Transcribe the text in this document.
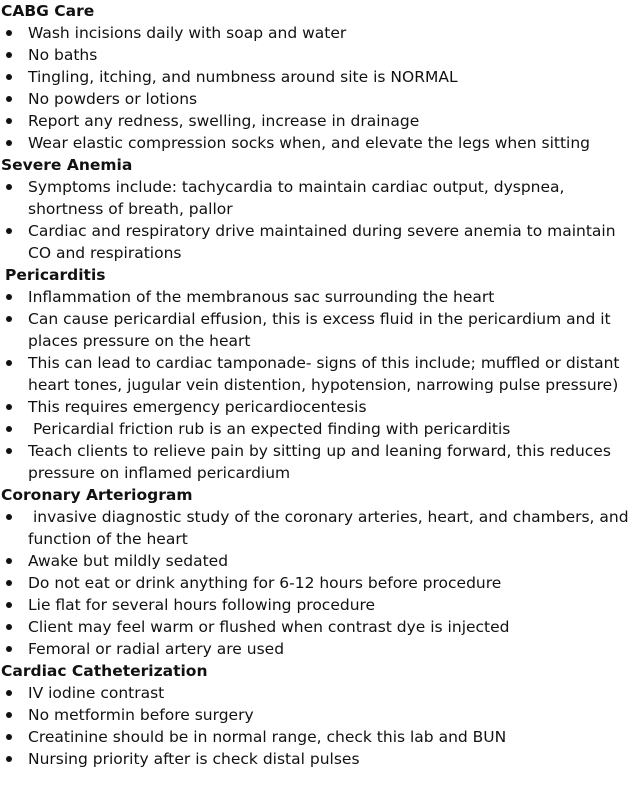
CABG Care
Wash incisions daily with soap and water
No baths
Tingling, itching, and numbness around site is NORMAL
No powders or lotions
Report any redness, swelling, increase in drainage
Wear elastic compression socks when, and elevate the legs when sitting
Severe Anemia
Symptoms include: tachycardia to maintain cardiac output, dyspnea, shortness of breath, pallor
Cardiac and respiratory drive maintained during severe anemia to maintain CO and respirations
Pericarditis
Inflammation of the membranous sac surrounding the heart
Can cause pericardial effusion, this is excess fluid in the pericardium and it places pressure on the heart
This can lead to cardiac tamponade- signs of this include; muffled or distant heart tones, jugular vein distention, hypotension, narrowing pulse pressure)
This requires emergency pericardiocentesis
Pericardial friction rub is an expected finding with pericarditis
Teach clients to relieve pain by sitting up and leaning forward, this reduces pressure on inflamed pericardium
Coronary Arteriogram
invasive diagnostic study of the coronary arteries, heart, and chambers, and function of the heart
Awake but mildly sedated
Do not eat or drink anything for 6-12 hours before procedure
Lie flat for several hours following procedure
Client may feel warm or flushed when contrast dye is injected
Femoral or radial artery are used
Cardiac Catheterization
IV iodine contrast
No metformin before surgery
Creatinine should be in normal range, check this lab and BUN
Nursing priority after is check distal pulses
